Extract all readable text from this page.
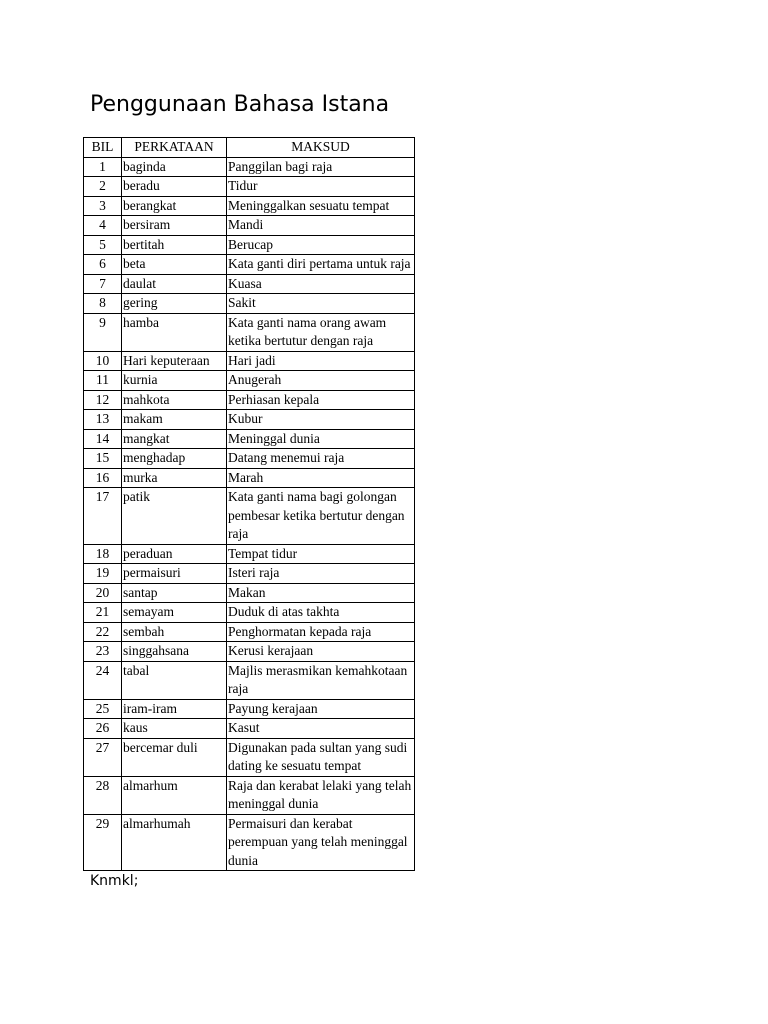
Penggunaan Bahasa Istana
BIL	PERKATAAN	MAKSUD
1	baginda	Panggilan bagi raja
2	beradu	Tidur
3	berangkat	Meninggalkan sesuatu tempat
4	bersiram	Mandi
5	bertitah	Berucap
6	beta	Kata ganti diri pertama untuk raja
7	daulat	Kuasa
8	gering	Sakit
9	hamba	Kata ganti nama orang awam ketika bertutur dengan raja
10	Hari keputeraan	Hari jadi
11	kurnia	Anugerah
12	mahkota	Perhiasan kepala
13	makam	Kubur
14	mangkat	Meninggal dunia
15	menghadap	Datang menemui raja
16	murka	Marah
17	patik	Kata ganti nama bagi golongan pembesar ketika bertutur dengan raja
18	peraduan	Tempat tidur
19	permaisuri	Isteri raja
20	santap	Makan
21	semayam	Duduk di atas takhta
22	sembah	Penghormatan kepada raja
23	singgahsana	Kerusi kerajaan
24	tabal	Majlis merasmikan kemahkotaan raja
25	iram-iram	Payung kerajaan
26	kaus	Kasut
27	bercemar duli	Digunakan pada sultan yang sudi dating ke sesuatu tempat
28	almarhum	Raja dan kerabat lelaki yang telah meninggal dunia
29	almarhumah	Permaisuri dan kerabat perempuan yang telah meninggal dunia
Knmkl;
